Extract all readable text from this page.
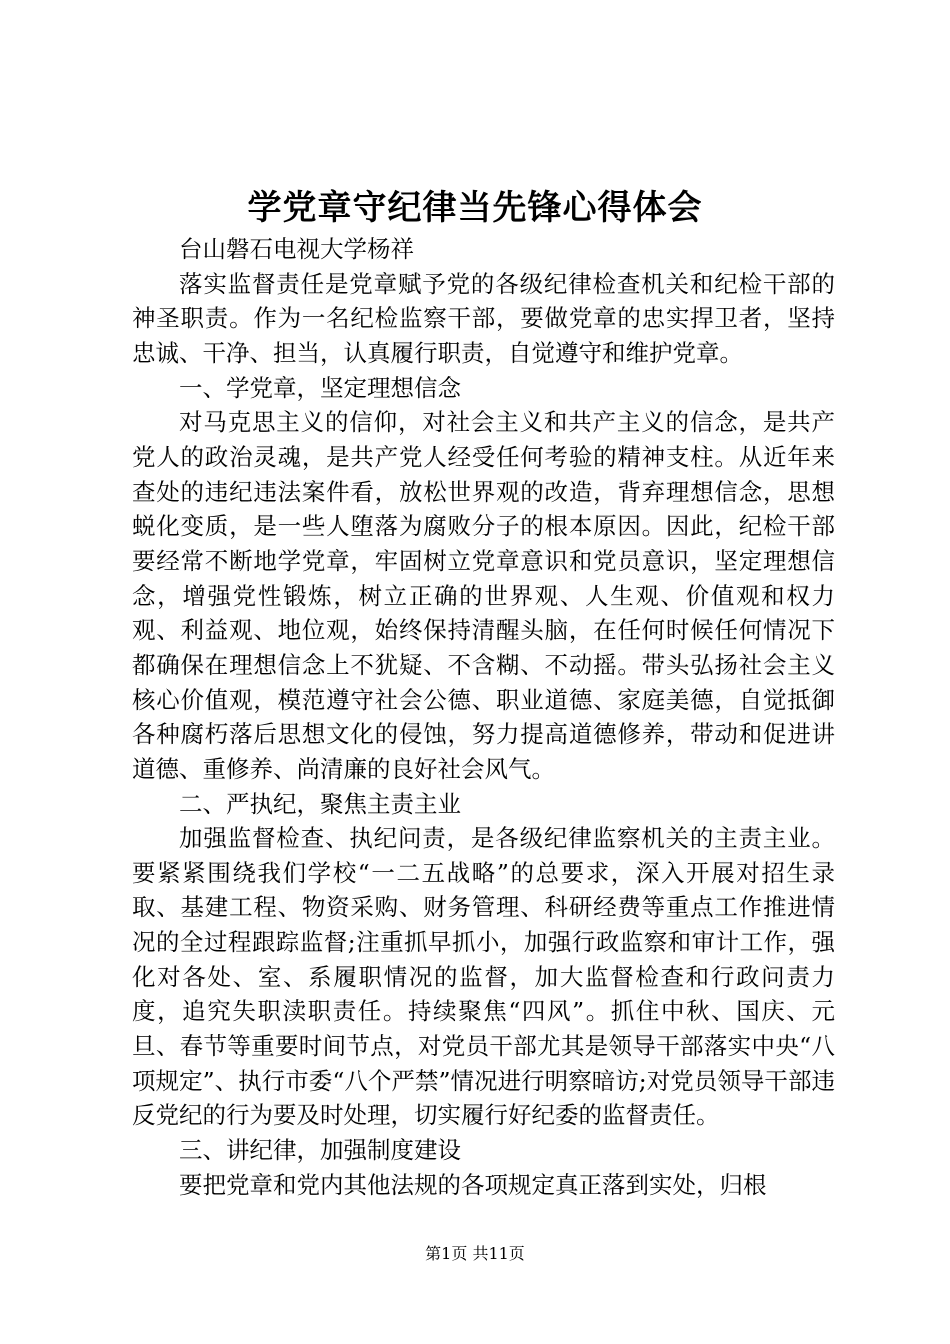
学党章守纪律当先锋心得体会

台山磐石电视大学杨祥

落实监督责任是党章赋予党的各级纪律检查机关和纪检干部的神圣职责。作为一名纪检监察干部，要做党章的忠实捍卫者，坚持忠诚、干净、担当，认真履行职责，自觉遵守和维护党章。

一、学党章，坚定理想信念

对马克思主义的信仰，对社会主义和共产主义的信念，是共产党人的政治灵魂，是共产党人经受任何考验的精神支柱。从近年来查处的违纪违法案件看，放松世界观的改造，背弃理想信念，思想蜕化变质，是一些人堕落为腐败分子的根本原因。因此，纪检干部要经常不断地学党章，牢固树立党章意识和党员意识，坚定理想信念，增强党性锻炼，树立正确的世界观、人生观、价值观和权力观、利益观、地位观，始终保持清醒头脑，在任何时候任何情况下都确保在理想信念上不犹疑、不含糊、不动摇。带头弘扬社会主义核心价值观，模范遵守社会公德、职业道德、家庭美德，自觉抵御各种腐朽落后思想文化的侵蚀，努力提高道德修养，带动和促进讲道德、重修养、尚清廉的良好社会风气。

二、严执纪，聚焦主责主业

加强监督检查、执纪问责，是各级纪律监察机关的主责主业。要紧紧围绕我们学校“一二五战略”的总要求，深入开展对招生录取、基建工程、物资采购、财务管理、科研经费等重点工作推进情况的全过程跟踪监督;注重抓早抓小，加强行政监察和审计工作，强化对各处、室、系履职情况的监督，加大监督检查和行政问责力度，追究失职渎职责任。持续聚焦“四风”。抓住中秋、国庆、元旦、春节等重要时间节点，对党员干部尤其是领导干部落实中央“八项规定”、执行市委“八个严禁”情况进行明察暗访;对党员领导干部违反党纪的行为要及时处理，切实履行好纪委的监督责任。

三、讲纪律，加强制度建设

要把党章和党内其他法规的各项规定真正落到实处，归根

第1页 共11页
